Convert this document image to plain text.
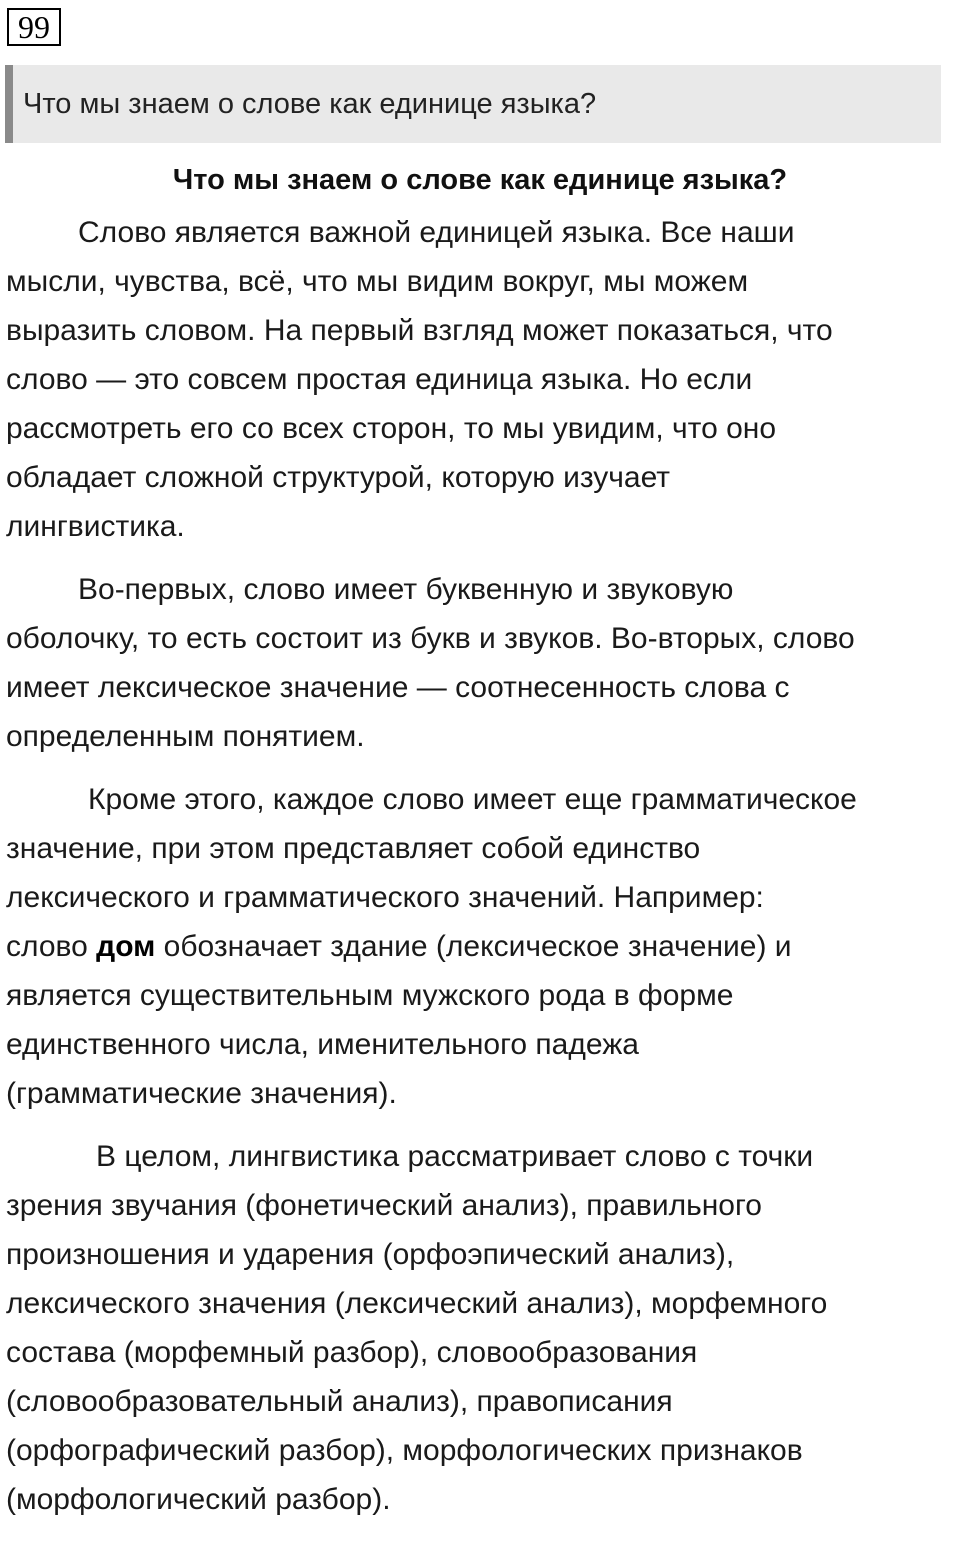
99
Что мы знаем о слове как единице языка?
Что мы знаем о слове как единице языка?
Слово является важной единицей языка. Все наши
мысли, чувства, всё, что мы видим вокруг, мы можем
выразить словом. На первый взгляд может показаться, что
слово — это совсем простая единица языка. Но если
рассмотреть его со всех сторон, то мы увидим, что оно
обладает сложной структурой, которую изучает
лингвистика.
Во-первых, слово имеет буквенную и звуковую
оболочку, то есть состоит из букв и звуков. Во-вторых, слово
имеет лексическое значение — соотнесенность слова с
определенным понятием.
Кроме этого, каждое слово имеет еще грамматическое
значение, при этом представляет собой единство
лексического и грамматического значений. Например:
слово дом обозначает здание (лексическое значение) и
является существительным мужского рода в форме
единственного числа, именительного падежа
(грамматические значения).
В целом, лингвистика рассматривает слово с точки
зрения звучания (фонетический анализ), правильного
произношения и ударения (орфоэпический анализ),
лексического значения (лексический анализ), морфемного
состава (морфемный разбор), словообразования
(словообразовательный анализ), правописания
(орфографический разбор), морфологических признаков
(морфологический разбор).
